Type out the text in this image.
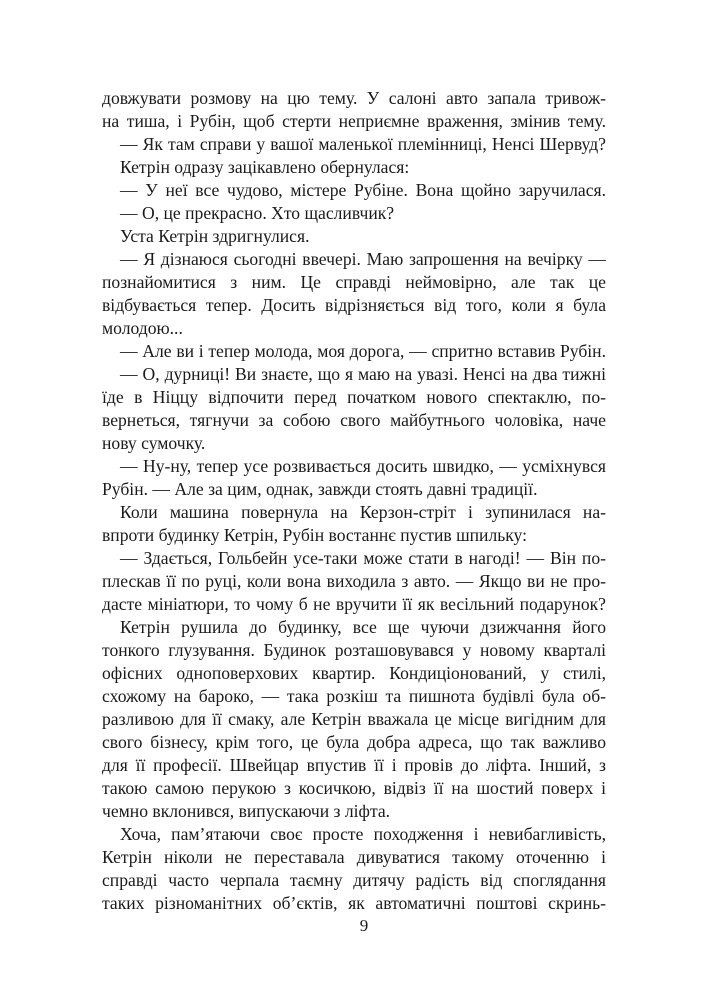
довжувати розмову на цю тему. У салоні авто запала тривож-
на тиша, і Рубін, щоб стерти неприємне враження, змінив тему.
— Як там справи у вашої маленької племінниці, Ненсі Шервуд?
Кетрін одразу зацікавлено обернулася:
— У неї все чудово, містере Рубіне. Вона щойно заручилася.
— О, це прекрасно. Хто щасливчик?
Уста Кетрін здригнулися.
— Я дізнаюся сьогодні ввечері. Маю запрошення на вечірку —
познайомитися з ним. Це справді неймовірно, але так це
відбувається тепер. Досить відрізняється від того, коли я була
молодою...
— Але ви і тепер молода, моя дорога, — спритно вставив Рубін.
— О, дурниці! Ви знаєте, що я маю на увазі. Ненсі на два тижні
їде в Ніццу відпочити перед початком нового спектаклю, по-
вернеться, тягнучи за собою свого майбутнього чоловіка, наче
нову сумочку.
— Ну-ну, тепер усе розвивається досить швидко, — усміхнувся
Рубін. — Але за цим, однак, завжди стоять давні традиції.
Коли машина повернула на Керзон-стріт і зупинилася на-
впроти будинку Кетрін, Рубін востаннє пустив шпильку:
— Здається, Гольбейн усе-таки може стати в нагоді! — Він по-
плескав її по руці, коли вона виходила з авто. — Якщо ви не про-
дасте мініатюри, то чому б не вручити її як весільний подарунок?
Кетрін рушила до будинку, все ще чуючи дзижчання його
тонкого глузування. Будинок розташовувався у новому кварталі
офісних одноповерхових квартир. Кондиціонований, у стилі,
схожому на бароко, — така розкіш та пишнота будівлі була об-
разливою для її смаку, але Кетрін вважала це місце вигідним для
свого бізнесу, крім того, це була добра адреса, що так важливо
для її професії. Швейцар впустив її і провів до ліфта. Інший, з
такою самою перукою з косичкою, відвіз її на шостий поверх і
чемно вклонився, випускаючи з ліфта.
Хоча, пам’ятаючи своє просте походження і невибагливість,
Кетрін ніколи не переставала дивуватися такому оточенню і
справді часто черпала таємну дитячу радість від споглядання
таких різноманітних об’єктів, як автоматичні поштові скринь-
9
